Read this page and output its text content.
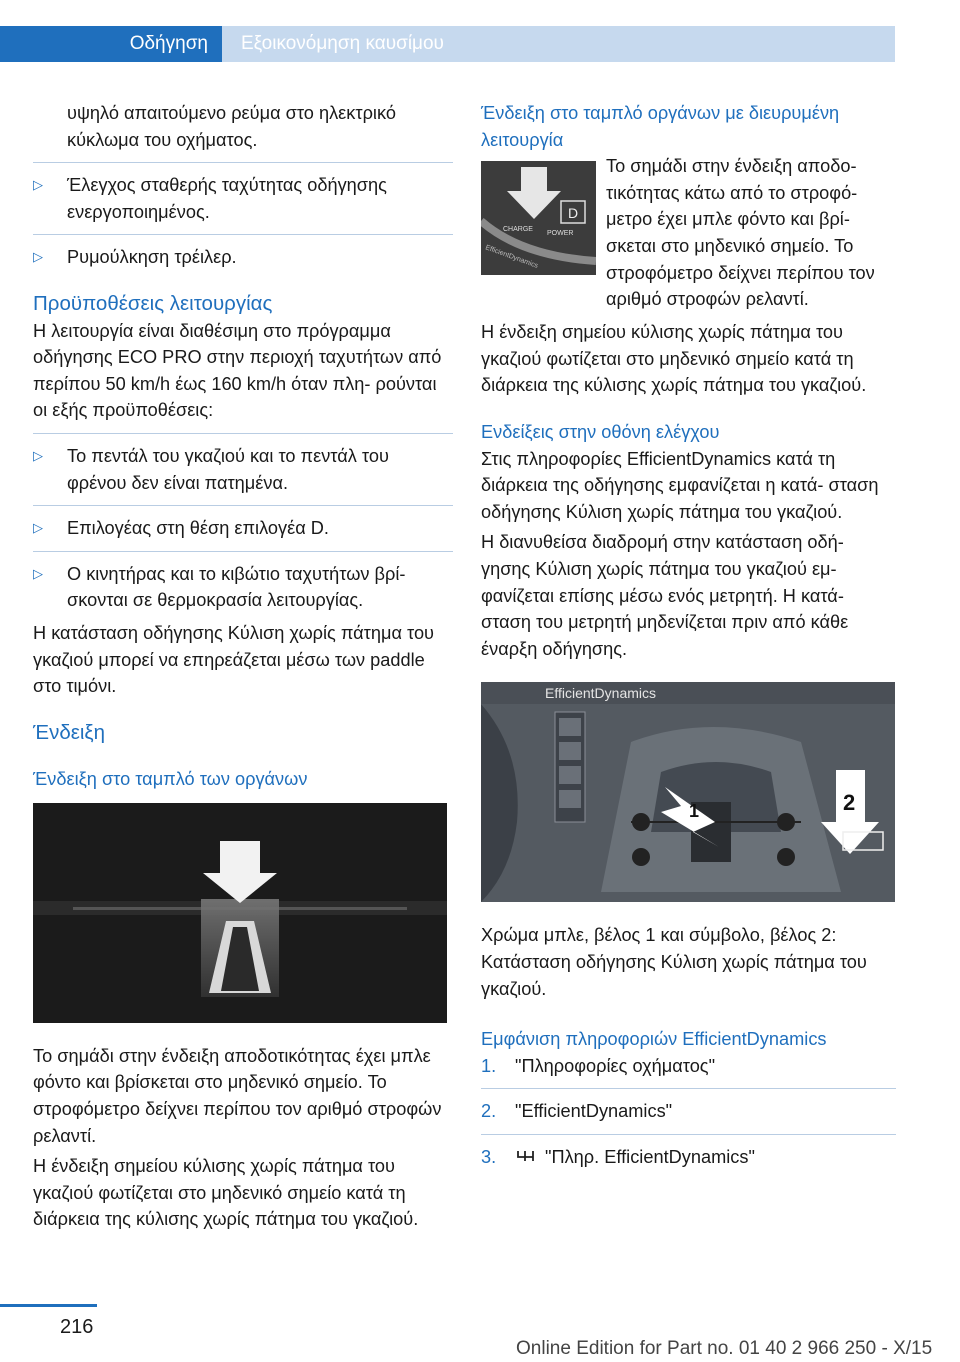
Οδήγηση	Εξοικονόμηση καυσίμου

υψηλό απαιτούμενο ρεύμα στο ηλεκτρικό κύκλωμα του οχήματος.

▷ Έλεγχος σταθερής ταχύτητας οδήγησης ενεργοποιημένος.
▷ Ρυμούλκηση τρέιλερ.

Προϋποθέσεις λειτουργίας

Η λειτουργία είναι διαθέσιμη στο πρόγραμμα οδήγησης ECO PRO στην περιοχή ταχυτήτων από περίπου 50 km/h έως 160 km/h όταν πλη‐ ρούνται οι εξής προϋποθέσεις:

▷ Το πεντάλ του γκαζιού και το πεντάλ του φρένου δεν είναι πατημένα.
▷ Επιλογέας στη θέση επιλογέα D.
▷ Ο κινητήρας και το κιβώτιο ταχυτήτων βρί‐ σκονται σε θερμοκρασία λειτουργίας.

Η κατάσταση οδήγησης Κύλιση χωρίς πάτημα του γκαζιού μπορεί να επηρεάζεται μέσω των paddle στο τιμόνι.

Ένδειξη

Ένδειξη στο ταμπλό των οργάνων

Το σημάδι στην ένδειξη αποδοτικότητας έχει μπλε φόντο και βρίσκεται στο μηδενικό σημείο. Το στροφόμετρο δείχνει περίπου τον αριθμό στροφών ρελαντί.

Η ένδειξη σημείου κύλισης χωρίς πάτημα του γκαζιού φωτίζεται στο μηδενικό σημείο κατά τη διάρκεια της κύλισης χωρίς πάτημα του γκαζιού.

Ένδειξη στο ταμπλό οργάνων με διευρυμένη λειτουργία

D
CHARGE
POWER
EfficientDynamics

Το σημάδι στην ένδειξη αποδο‐ τικότητας κάτω από το στροφό‐ μετρο έχει μπλε φόντο και βρί‐ σκεται στο μηδενικό σημείο. Το στροφόμετρο δείχνει περίπου τον αριθμό στροφών ρελαντί.

Η ένδειξη σημείου κύλισης χωρίς πάτημα του γκαζιού φωτίζεται στο μηδενικό σημείο κατά τη διάρκεια της κύλισης χωρίς πάτημα του γκαζιού.

Ενδείξεις στην οθόνη ελέγχου

Στις πληροφορίες EfficientDynamics κατά τη διάρκεια της οδήγησης εμφανίζεται η κατά‐ σταση οδήγησης Κύλιση χωρίς πάτημα του γκαζιού.

Η διανυθείσα διαδρομή στην κατάσταση οδή‐ γησης Κύλιση χωρίς πάτημα του γκαζιού εμ‐ φανίζεται επίσης μέσω ενός μετρητή. Η κατά‐ σταση του μετρητή μηδενίζεται πριν από κάθε έναρξη οδήγησης.

EfficientDynamics
1	2

Χρώμα μπλε, βέλος 1 και σύμβολο, βέλος 2: Κατάσταση οδήγησης Κύλιση χωρίς πάτημα του γκαζιού.

Εμφάνιση πληροφοριών EfficientDynamics

1. "Πληροφορίες οχήματος"
2. "EfficientDynamics"
3.	"Πληρ. EfficientDynamics"
216
Online Edition for Part no. 01 40 2 966 250 - X/15
